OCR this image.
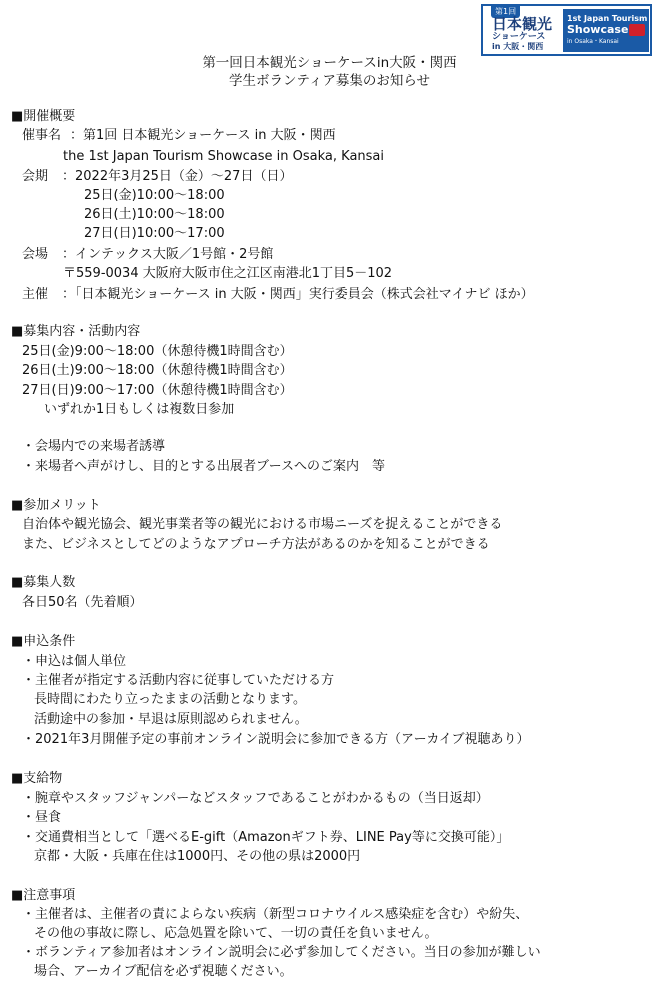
第1回
日本観光
ショーケース
in 大阪・関西
1st Japan Tourism
Showcase
in Osaka・Kansai
第一回日本観光ショーケースin大阪・関西
学生ボランティア募集のお知らせ
■開催概要
催事名 ：第1回 日本観光ショーケース in 大阪・関西
the 1st Japan Tourism Showcase in Osaka, Kansai
会期 ：2022年3月25日（金）～27日（日）
25日(金)10:00～18:00
26日(土)10:00～18:00
27日(日)10:00～17:00
会場 ：インテックス大阪／1号館・2号館
〒559-0034 大阪府大阪市住之江区南港北1丁目5－102
主催 ：「日本観光ショーケース in 大阪・関西」実行委員会（株式会社マイナビ ほか）
■募集内容・活動内容
25日(金)9:00～18:00（休憩待機1時間含む）
26日(土)9:00～18:00（休憩待機1時間含む）
27日(日)9:00～17:00（休憩待機1時間含む）
いずれか1日もしくは複数日参加
・会場内での来場者誘導
・来場者へ声がけし、目的とする出展者ブースへのご案内　等
■参加メリット
自治体や観光協会、観光事業者等の観光における市場ニーズを捉えることができる
また、ビジネスとしてどのようなアプローチ方法があるのかを知ることができる
■募集人数
各日50名（先着順）
■申込条件
・申込は個人単位
・主催者が指定する活動内容に従事していただける方
長時間にわたり立ったままの活動となります。
活動途中の参加・早退は原則認められません。
・2021年3月開催予定の事前オンライン説明会に参加できる方（アーカイブ視聴あり）
■支給物
・腕章やスタッフジャンパーなどスタッフであることがわかるもの（当日返却）
・昼食
・交通費相当として「選べるE-gift（Amazonギフト券、LINE Pay等に交換可能）」
京都・大阪・兵庫在住は1000円、その他の県は2000円
■注意事項
・主催者は、主催者の責によらない疾病（新型コロナウイルス感染症を含む）や紛失、
その他の事故に際し、応急処置を除いて、一切の責任を負いません。
・ボランティア参加者はオンライン説明会に必ず参加してください。当日の参加が難しい
場合、アーカイブ配信を必ず視聴ください。
